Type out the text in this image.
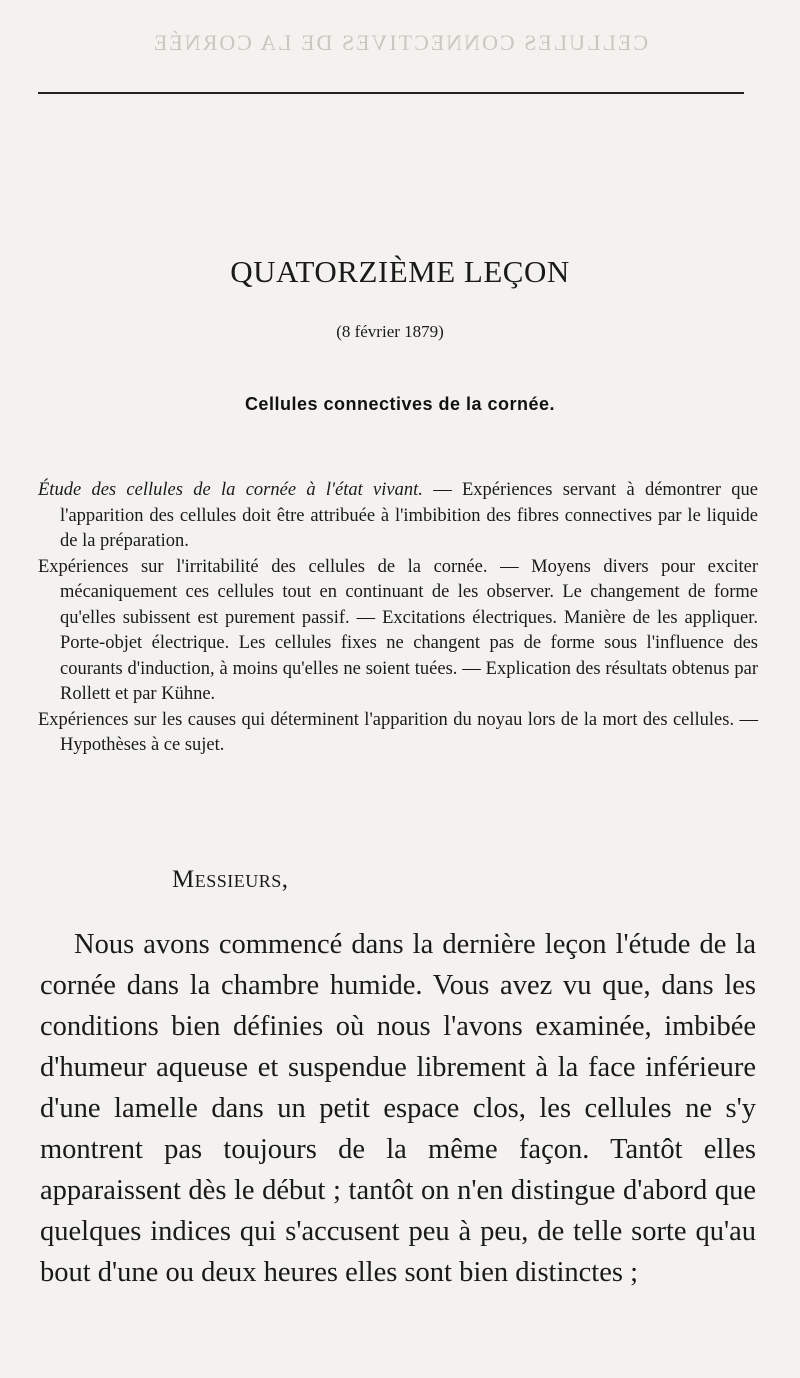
CELLULES CONNECTIVES DE LA CORNÉE
QUATORZIÈME LEÇON
(8 février 1879)
Cellules connectives de la cornée.

Étude des cellules de la cornée à l'état vivant. — Expériences servant à démontrer que l'apparition des cellules doit être attribuée à l'imbibition des fibres connectives par le liquide de la préparation.

Expériences sur l'irritabilité des cellules de la cornée. — Moyens divers pour exciter mécaniquement ces cellules tout en continuant de les observer. Le changement de forme qu'elles subissent est purement passif. — Excitations électriques. Manière de les appliquer. Porte-objet électrique. Les cellules fixes ne changent pas de forme sous l'influence des courants d'induction, à moins qu'elles ne soient tuées. — Explication des résultats obtenus par Rollett et par Kühne.

Expériences sur les causes qui déterminent l'apparition du noyau lors de la mort des cellules. — Hypothèses à ce sujet.

Messieurs,

Nous avons commencé dans la dernière leçon l'étude de la cornée dans la chambre humide. Vous avez vu que, dans les conditions bien définies où nous l'avons examinée, imbibée d'humeur aqueuse et suspendue librement à la face inférieure d'une lamelle dans un petit espace clos, les cellules ne s'y montrent pas toujours de la même façon. Tantôt elles apparaissent dès le début ; tantôt on n'en distingue d'abord que quelques indices qui s'accusent peu à peu, de telle sorte qu'au bout d'une ou deux heures elles sont bien distinctes ;
